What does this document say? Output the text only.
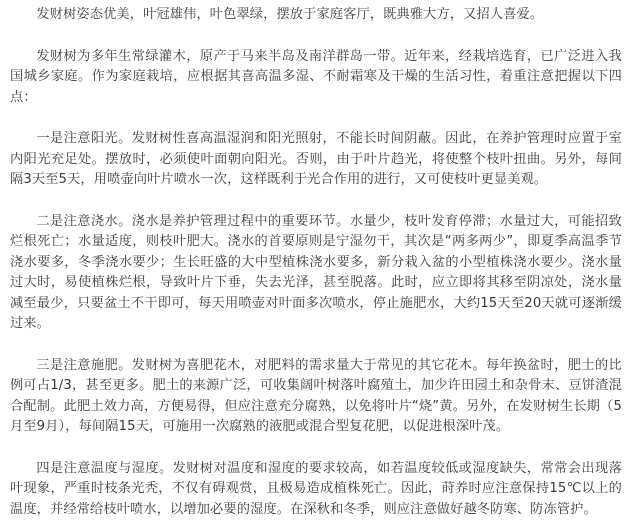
发财树姿态优美，叶冠雄伟，叶色翠绿，摆放于家庭客厅，既典雅大方，又招人喜爱。

发财树为多年生常绿灌木，原产于马来半岛及南洋群岛一带。近年来，经栽培选育，已广泛进入我国城乡家庭。作为家庭栽培，应根据其喜高温多湿、不耐霜寒及干燥的生活习性，着重注意把握以下四点：

一是注意阳光。发财树性喜高温湿润和阳光照射，不能长时间阴蔽。因此，在养护管理时应置于室内阳光充足处。摆放时，必须使叶面朝向阳光。否则，由于叶片趋光，将使整个枝叶扭曲。另外，每间隔3天至5天，用喷壶向叶片喷水一次，这样既利于光合作用的进行，又可使枝叶更显美观。

二是注意浇水。浇水是养护管理过程中的重要环节。水量少，枝叶发育停滞；水量过大，可能招致烂根死亡；水量适度，则枝叶肥大。浇水的首要原则是宁湿勿干，其次是“两多两少”，即夏季高温季节浇水要多，冬季浇水要少；生长旺盛的大中型植株浇水要多，新分栽入盆的小型植株浇水要少。浇水量过大时，易使植株烂根，导致叶片下垂，失去光泽，甚至脱落。此时，应立即将其移至阴凉处，浇水量减至最少，只要盆土不干即可，每天用喷壶对叶面多次喷水，停止施肥水，大约15天至20天就可逐渐缓过来。

三是注意施肥。发财树为喜肥花木，对肥料的需求量大于常见的其它花木。每年换盆时，肥土的比例可占1/3，甚至更多。肥土的来源广泛，可收集阔叶树落叶腐殖土，加少许田园土和杂骨末、豆饼渣混合配制。此肥土效力高，方便易得，但应注意充分腐熟，以免将叶片“烧”黄。另外，在发财树生长期（5月至9月），每间隔15天，可施用一次腐熟的液肥或混合型复花肥，以促进根深叶茂。

四是注意温度与湿度。发财树对温度和湿度的要求较高，如若温度较低或湿度缺失，常常会出现落叶现象，严重时枝条光秃，不仅有碍观赏，且极易造成植株死亡。因此，莳养时应注意保持15℃以上的温度，并经常给枝叶喷水，以增加必要的湿度。在深秋和冬季，则应注意做好越冬防寒、防冻管护。
